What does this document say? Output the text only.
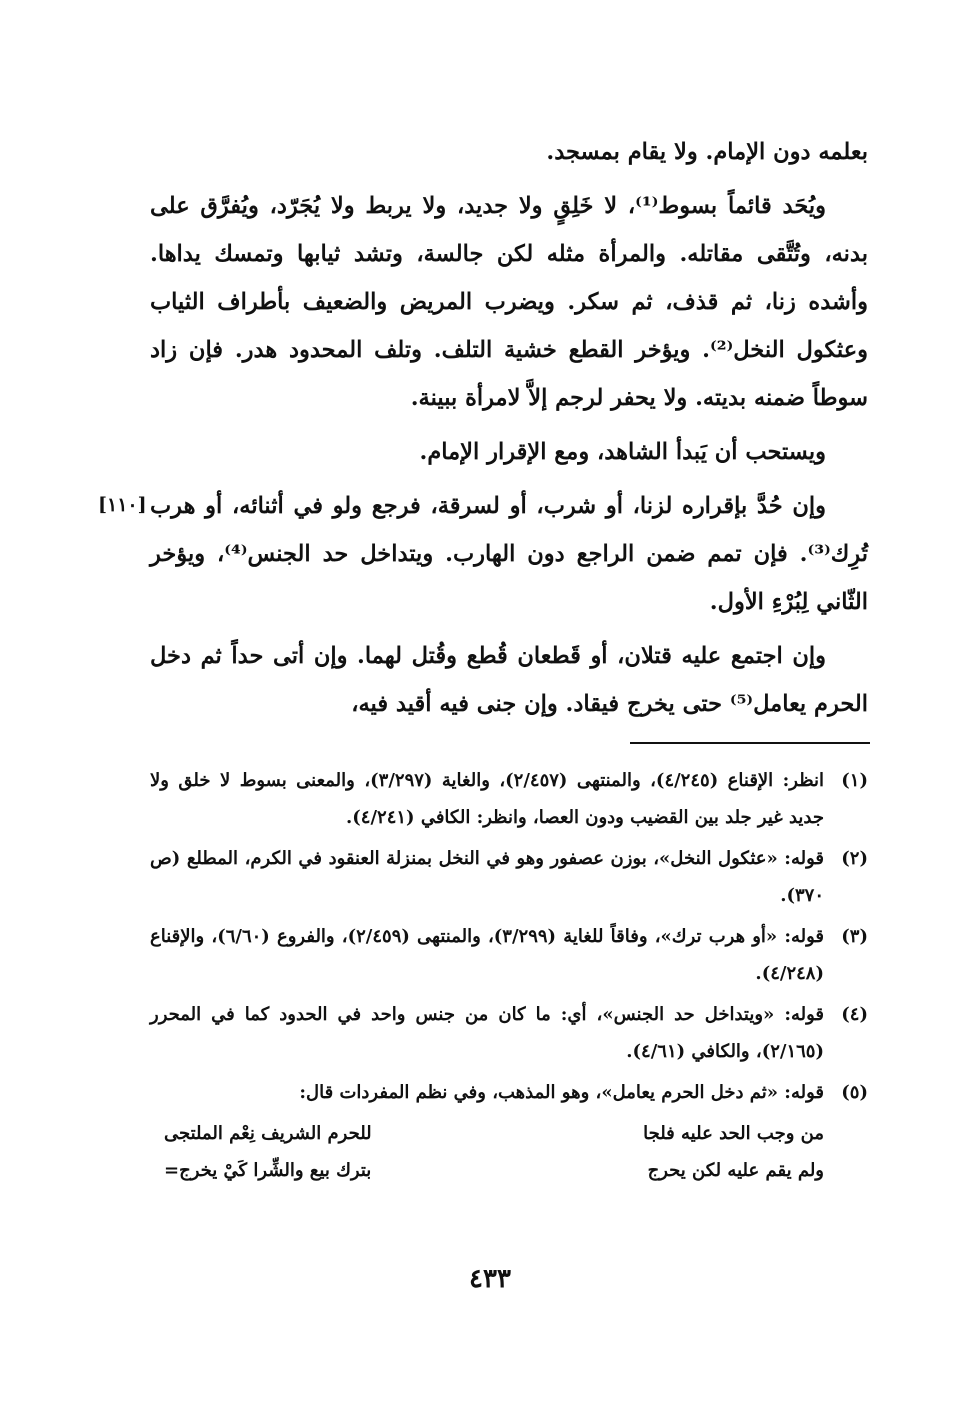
بعلمه دون الإمام. ولا يقام بمسجد.

ويُحَد قائماً بسوط⁽¹⁾، لا خَلِقٍ ولا جديد، ولا يربط ولا يُجَرّد، ويُفرَّق على بدنه، وتُتَّقى مقاتله. والمرأة مثله لكن جالسة، وتشد ثيابها وتمسك يداها. وأشده زنا، ثم قذف، ثم سكر. ويضرب المريض والضعيف بأطراف الثياب وعثكول النخل⁽²⁾. ويؤخر القطع خشية التلف. وتلف المحدود هدر. فإن زاد سوطاً ضمنه بديته. ولا يحفر لرجم إلاَّ لامرأة ببينة.

ويستحب أن يَبدأ الشاهد، ومع الإقرار الإمام.

وإن حُدَّ بإقراره لزنا، أو شرب، أو لسرقة، فرجع ولو في أثنائه، أو هرب تُرِك⁽³⁾. فإن تمم ضمن الراجع دون الهارب. ويتداخل حد الجنس⁽⁴⁾، ويؤخر الثّاني لِبُرْءِ الأول.

وإن اجتمع عليه قتلان، أو قَطعان قُطع وقُتل لهما. وإن أتى حداً ثم دخل الحرم يعامل⁽⁵⁾ حتى يخرج فيقاد. وإن جنى فيه أقيد فيه،

[١١٠]
(١)
انظر: الإقناع (٤/٢٤٥)، والمنتهى (٢/٤٥٧)، والغاية (٣/٢٩٧)، والمعنى بسوط لا خلق ولا جديد غير جلد بين القضيب ودون العصا، وانظر: الكافي (٤/٢٤١).
(٢)
قوله: «عثكول النخل»، بوزن عصفور وهو في النخل بمنزلة العنقود في الكرم، المطلع (ص ٣٧٠).
(٣)
قوله: «أو هرب ترك»، وفاقاً للغاية (٣/٢٩٩)، والمنتهى (٢/٤٥٩)، والفروع (٦/٦٠)، والإقناع (٤/٢٤٨).
(٤)
قوله: «ويتداخل حد الجنس»، أي: ما كان من جنس واحد في الحدود كما في المحرر (٢/١٦٥)، والكافي (٤/٦١).
(٥)
قوله: «ثم دخل الحرم يعامل»، وهو المذهب، وفي نظم المفردات قال:
من وجب الحد عليه فلجا
للحرم الشريف نِعْم الملتجى
ولم يقم عليه لكن يحرج
بترك بيع والشِّرا كَيْ يخرج=
٤٣٣
